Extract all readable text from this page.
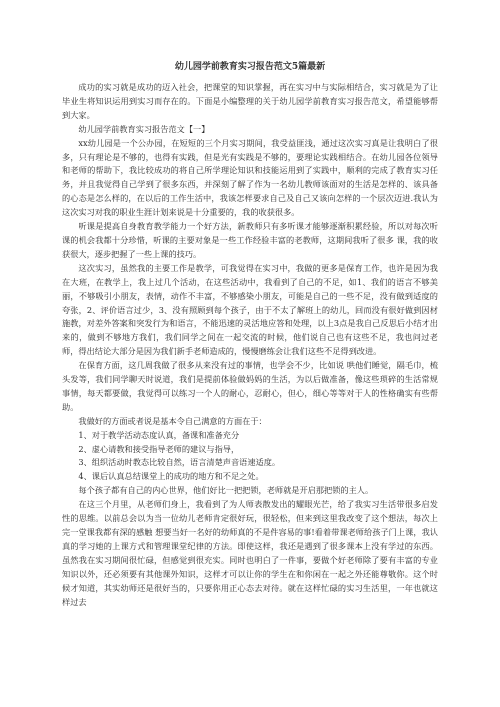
幼儿园学前教育实习报告范文5篇最新

成功的实习就是成功的迈入社会，把课堂的知识掌握，再在实习中与实际相结合，实习就是为了让毕业生将知识运用到实习而存在的。下面是小编整理的关于幼儿园学前教育实习报告范文，希望能够帮到大家。

幼儿园学前教育实习报告范文【一】

xx幼儿园是一个公办园，在短短的三个月实习期间，我受益匪浅，通过这次实习真是让我明白了很多，只有理论是不够的，也得有实践，但是光有实践是不够的，要理论实践相结合。在幼儿园各位领导和老师的帮助下，我比较成功的将自己所学理论知识和技能运用到了实践中，顺利的完成了教育实习任务，并且我觉得自己学到了很多东西，并深刻了解了作为一名幼儿教师该面对的生活是怎样的、该具备的心态是怎么样的，在以后的工作生活中，我该怎样要求自己及自己又该向怎样的一个层次迈进.我认为这次实习对我的职业生涯计划来说是十分重要的，我的收获很多。

听课是提高自身教育教学能力一个好方法，新教师只有多听课才能够逐渐积累经验，所以对每次听课的机会我都十分珍惜，听课的主要对象是一些工作经验丰富的老教师，这期间我听了很多 课，我的收获很大，逐步把握了一些上课的技巧。

这次实习，虽然我的主要工作是教学，可我觉得在实习中，我做的更多是保育工作，也许是因为我在大班，在教学上，我上过几个活动，在这些活动中，我看到了自己的不足，如1、我们的语言不够美丽，不够吸引小朋友，表情，动作不丰富，不够感染小朋友，可能是自己的一些不足，没有做到适度的夸张，2、评价语言过少，3、没有照顾到每个孩子，由于不太了解班上的幼儿，回而没有很好做到因材施教，对差外答案和突发行为和语言，不能迅速的灵活地应答和处理，以上3点是我自己反思后小结才出来的，做到不够地方我们，我们同学之间在一起交流的时候，他们说自己也有这些不足，我也问过老师，得出结论大部分是因为我们新手老师造成的，慢慢磨练会让我们这些不足得到改进。

在保育方面，这几周我做了很多从来没有过的事情，也学会不少，比如说 哄他们睡觉，隔毛巾，梳头发等，我们同学聊天时说道，我们是提前体验做妈妈的生活，为以后做准备，像这些琐碎的生活常规事情，每天都要做，我觉得可以练习一个人的耐心，忍耐心，但心，细心等等对于人的性格确实有些帮助。

我做好的方面或者说是基本令自己满意的方面在于：

1、对于教学活动态度认真，备课和准备充分

2、虚心请教和接受指导老师的建议与指导，

3、组织活动时教态比较自然，语言清楚声音语速适度。

4、课后认真总结课堂上的成功的地方和不足之处。

每个孩子都有自己的内心世界，他们好比一把把锁，老师就是开启那把锁的主人。

在这三个月里，从老师们身上，我看到了为人师表散发出的耀眼光芒，给了我实习生活带很多启发性的思维。以前总会以为当一位幼儿老师肯定很好玩，很轻松，但来到这里我改变了这个想法，每次上完一堂课我都有深的感触 想要当好一名好的幼师真的不是件容易的事!看着带课老师给孩子门上课，我认真的学习她的上课方式和管理课堂纪律的方法。即使这样，我还是遇到了很多课本上没有学过的东西。虽然我在实习期间很忙碌，但感觉到很充实。同时也明白了一件事，要做个好老师除了要有丰富的专业知识以外，还必须要有其他课外知识，这样才可以让你的学生在和你闲在一起之外还能尊敬你。这个时候才知道，其实幼师还是很好当的，只要你用正心态去对待。就在这样忙碌的实习生活里，一年也就这样过去
